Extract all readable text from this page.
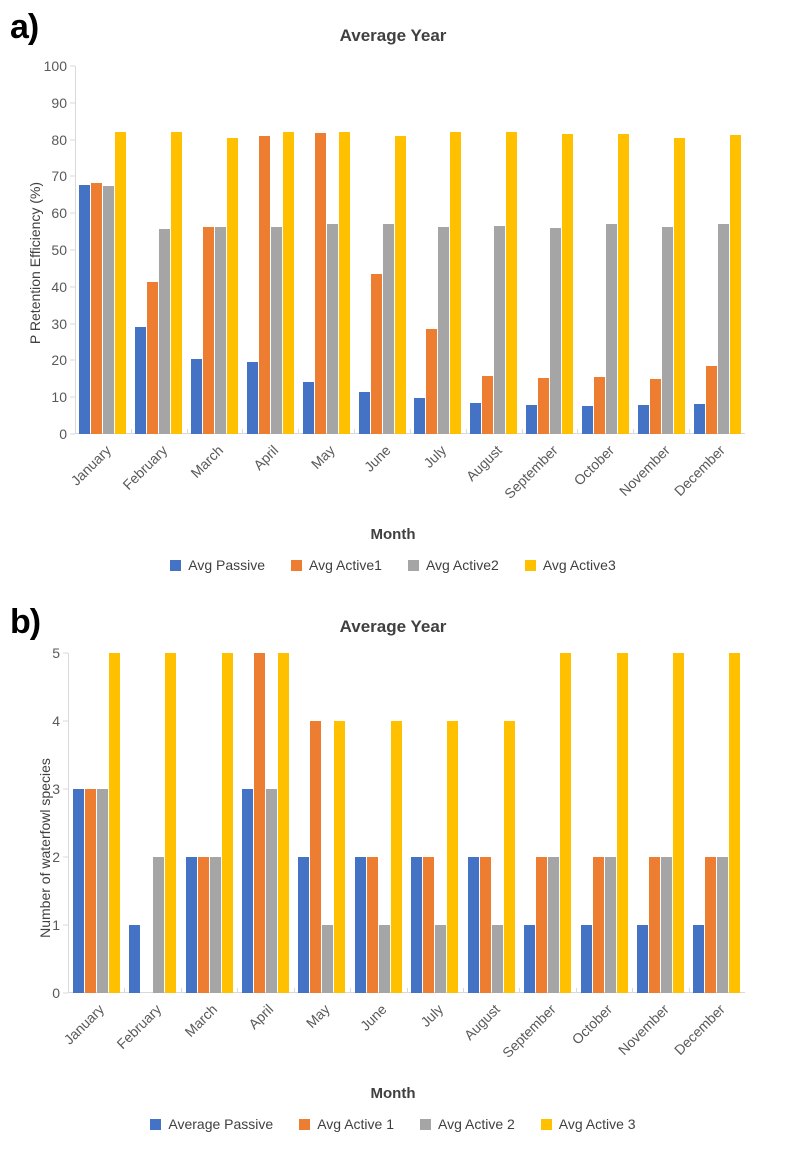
a)	Average Year
P Retention Efficiency (%)
0
10
20
30
40
50
60
70
80
90
100
January February March April May June July August
September October
November
December
Month
Avg Passive	Avg Active1	Avg Active2	Avg Active3
b)	Average Year
Number of waterfowl species
0
1
2
3
4
5
January February March April May June July August
September October November December
Month
Average Passive	Avg Active 1	Avg Active 2	Avg Active 3
